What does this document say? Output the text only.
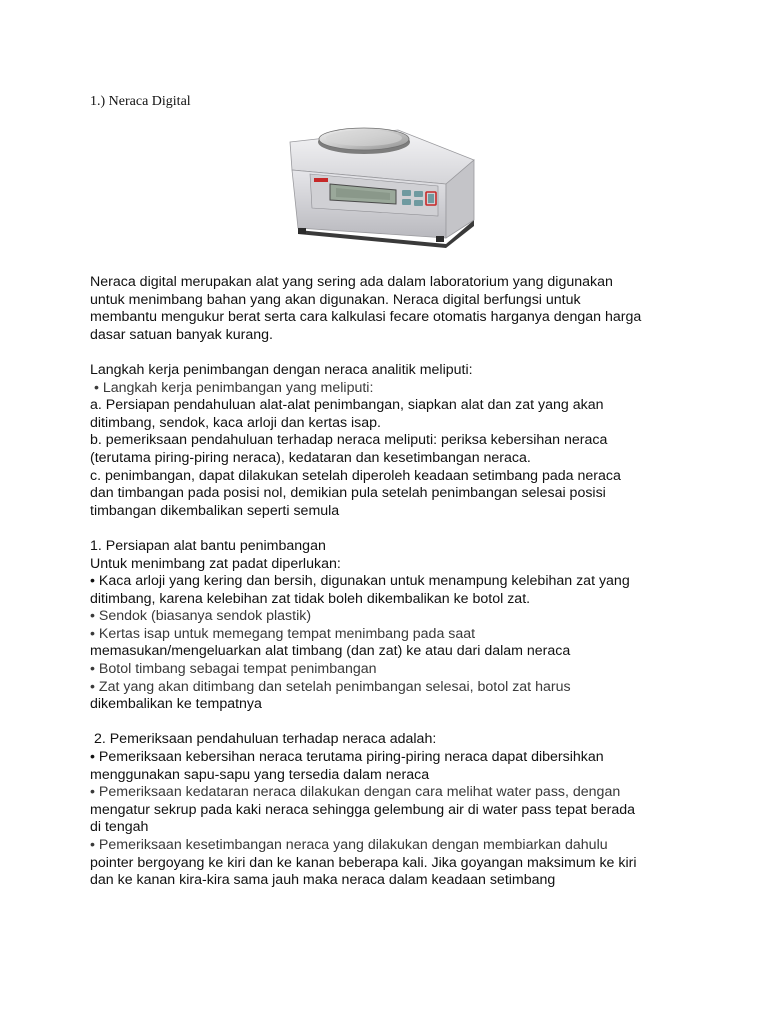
1.) Neraca Digital

Neraca digital merupakan alat yang sering ada dalam laboratorium yang digunakan

untuk menimbang bahan yang akan digunakan. Neraca digital berfungsi untuk

membantu mengukur berat serta cara kalkulasi fecare otomatis harganya dengan harga

dasar satuan banyak kurang.

Langkah kerja penimbangan dengan neraca analitik meliputi:

• Langkah kerja penimbangan yang meliputi:

a. Persiapan pendahuluan alat-alat penimbangan, siapkan alat dan zat yang akan

ditimbang, sendok, kaca arloji dan kertas isap.

b. pemeriksaan pendahuluan terhadap neraca meliputi: periksa kebersihan neraca

(terutama piring-piring neraca), kedataran dan kesetimbangan neraca.

c. penimbangan, dapat dilakukan setelah diperoleh keadaan setimbang pada neraca

dan timbangan pada posisi nol, demikian pula setelah penimbangan selesai posisi

timbangan dikembalikan seperti semula

1. Persiapan alat bantu penimbangan

Untuk menimbang zat padat diperlukan:

• Kaca arloji yang kering dan bersih, digunakan untuk menampung kelebihan zat yang

ditimbang, karena kelebihan zat tidak boleh dikembalikan ke botol zat.

• Sendok (biasanya sendok plastik)

• Kertas isap untuk memegang tempat menimbang pada saat

memasukan/mengeluarkan alat timbang (dan zat) ke atau dari dalam neraca

• Botol timbang sebagai tempat penimbangan

• Zat yang akan ditimbang dan setelah penimbangan selesai, botol zat harus

dikembalikan ke tempatnya

2. Pemeriksaan pendahuluan terhadap neraca adalah:

• Pemeriksaan kebersihan neraca terutama piring-piring neraca dapat dibersihkan

menggunakan sapu-sapu yang tersedia dalam neraca

• Pemeriksaan kedataran neraca dilakukan dengan cara melihat water pass, dengan

mengatur sekrup pada kaki neraca sehingga gelembung air di water pass tepat berada

di tengah

• Pemeriksaan kesetimbangan neraca yang dilakukan dengan membiarkan dahulu

pointer bergoyang ke kiri dan ke kanan beberapa kali. Jika goyangan maksimum ke kiri

dan ke kanan kira-kira sama jauh maka neraca dalam keadaan setimbang
